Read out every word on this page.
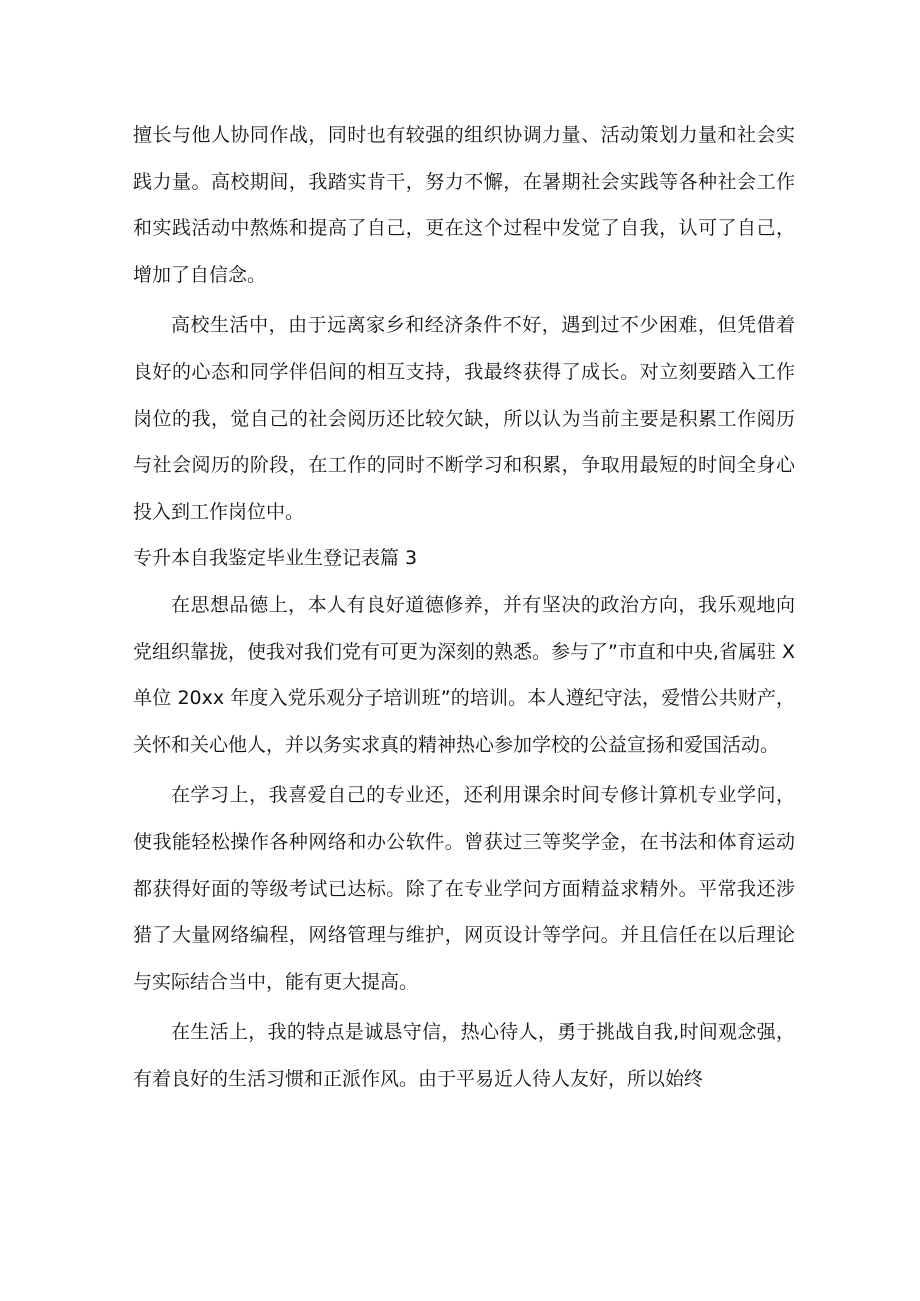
擅长与他人协同作战，同时也有较强的组织协调力量、活动策划力量和社会实践力量。高校期间，我踏实肯干，努力不懈，在暑期社会实践等各种社会工作和实践活动中熬炼和提高了自己，更在这个过程中发觉了自我，认可了自己，增加了自信念。

高校生活中，由于远离家乡和经济条件不好，遇到过不少困难，但凭借着良好的心态和同学伴侣间的相互支持，我最终获得了成长。对立刻要踏入工作岗位的我，觉自己的社会阅历还比较欠缺，所以认为当前主要是积累工作阅历与社会阅历的阶段，在工作的同时不断学习和积累，争取用最短的时间全身心投入到工作岗位中。

专升本自我鉴定毕业生登记表篇 3

在思想品德上，本人有良好道德修养，并有坚决的政治方向，我乐观地向党组织靠拢，使我对我们党有可更为深刻的熟悉。参与了”市直和中央,省属驻 X 单位 20xx 年度入党乐观分子培训班”的培训。本人遵纪守法，爱惜公共财产，关怀和关心他人，并以务实求真的精神热心参加学校的公益宣扬和爱国活动。

在学习上，我喜爱自己的专业还，还利用课余时间专修计算机专业学问，使我能轻松操作各种网络和办公软件。曾获过三等奖学金，在书法和体育运动都获得好面的等级考试已达标。除了在专业学问方面精益求精外。平常我还涉猎了大量网络编程，网络管理与维护，网页设计等学问。并且信任在以后理论与实际结合当中，能有更大提高。

在生活上，我的特点是诚恳守信，热心待人，勇于挑战自我,时间观念强，有着良好的生活习惯和正派作风。由于平易近人待人友好，所以始终
